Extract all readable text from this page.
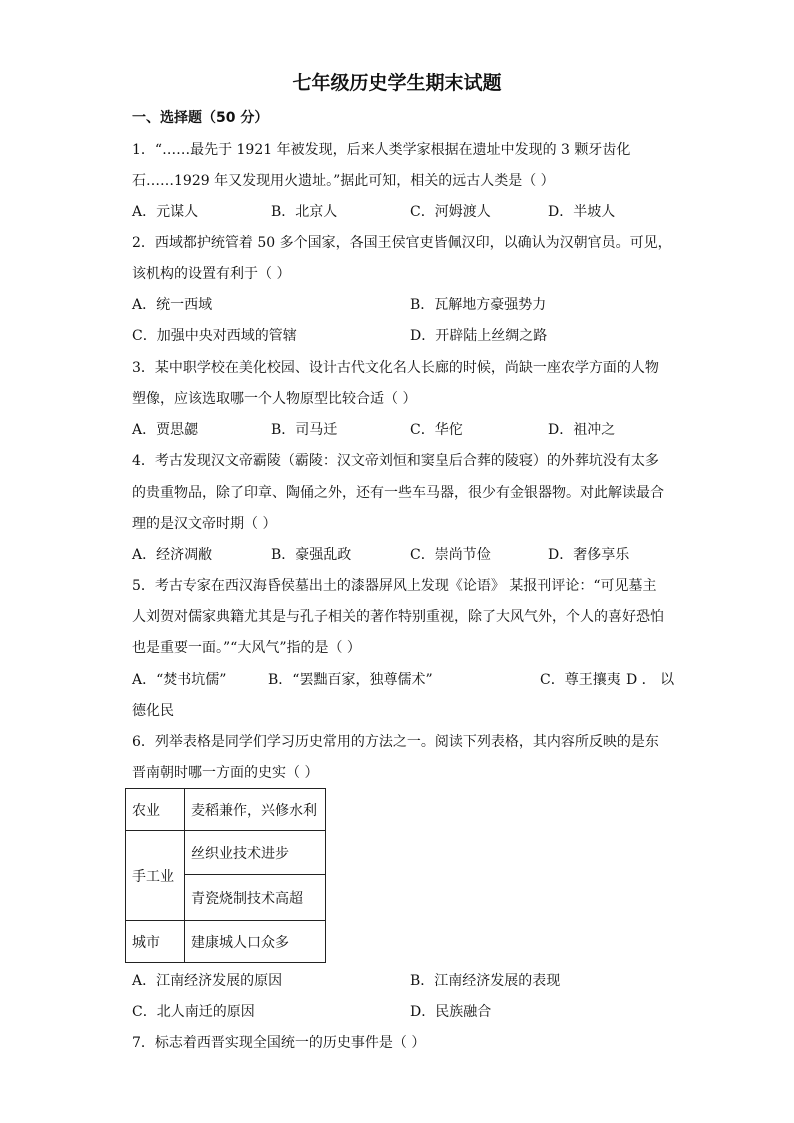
七年级历史学生期末试题
一、选择题（50 分）
1．“……最先于 1921 年被发现，后来人类学家根据在遗址中发现的 3 颗牙齿化
石……1929 年又发现用火遗址。”据此可知，相关的远古人类是（ ）
A．元谋人	B．北京人	C．河姆渡人	D．半坡人
2．西域都护统管着 50 多个国家，各国王侯官吏皆佩汉印，以确认为汉朝官员。可见，
该机构的设置有利于（ ）
A．统一西域	B．瓦解地方豪强势力
C．加强中央对西域的管辖	D．开辟陆上丝绸之路
3．某中职学校在美化校园、设计古代文化名人长廊的时候，尚缺一座农学方面的人物
塑像，应该选取哪一个人物原型比较合适（ ）
A．贾思勰	B．司马迁	C．华佗	D．祖冲之
4．考古发现汉文帝霸陵（霸陵：汉文帝刘恒和窦皇后合葬的陵寝）的外葬坑没有太多
的贵重物品，除了印章、陶俑之外，还有一些车马器，很少有金银器物。对此解读最合
理的是汉文帝时期（ ）
A．经济凋敝	B．豪强乱政	C．崇尚节俭	D．奢侈享乐
5．考古专家在西汉海昏侯墓出土的漆器屏风上发现《论语》 某报刊评论：“可见墓主
人刘贺对儒家典籍尤其是与孔子相关的著作特别重视，除了大风气外，个人的喜好恐怕
也是重要一面。”“大风气”指的是（ ）
A．“焚书坑儒”	B．“罢黜百家，独尊儒术”	C．尊王攘夷 D ． 以
德化民
6．列举表格是同学们学习历史常用的方法之一。阅读下列表格，其内容所反映的是东
晋南朝时哪一方面的史实（ ）
农业	麦稻兼作，兴修水利
手工业	丝织业技术进步
	青瓷烧制技术高超
城市	建康城人口众多
A．江南经济发展的原因	B．江南经济发展的表现
C．北人南迁的原因	D．民族融合
7．标志着西晋实现全国统一的历史事件是（ ）
